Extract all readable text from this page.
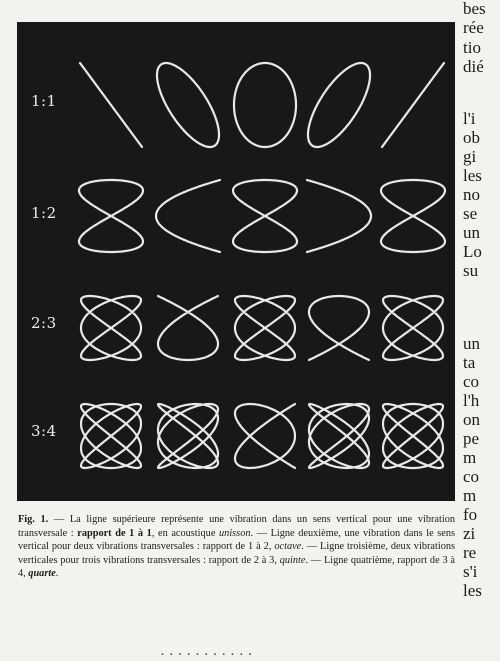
1:1
1:2
2:3
3:4
Fig. 1. — La ligne supérieure représente une vibration dans un sens vertical pour une vibration transversale : rapport de 1 à 1, en acoustique unisson. — Ligne deuxième, une vibration dans le sens vertical pour deux vibrations transversales : rapport de 1 à 2, octave. — Ligne troisième, deux vibrations verticales pour trois vibrations transversales : rapport de 2 à 3, quinte. — Ligne quatrième, rapport de 3 à 4, quarte.
bes
rée
tio
dié
l'i
ob
gi
les
no
se
un
Lo
su
un
ta
co
l'h
on
pe
m
co
m
fo
zi
re
s'i
les
· · · · · · · · · · ·
